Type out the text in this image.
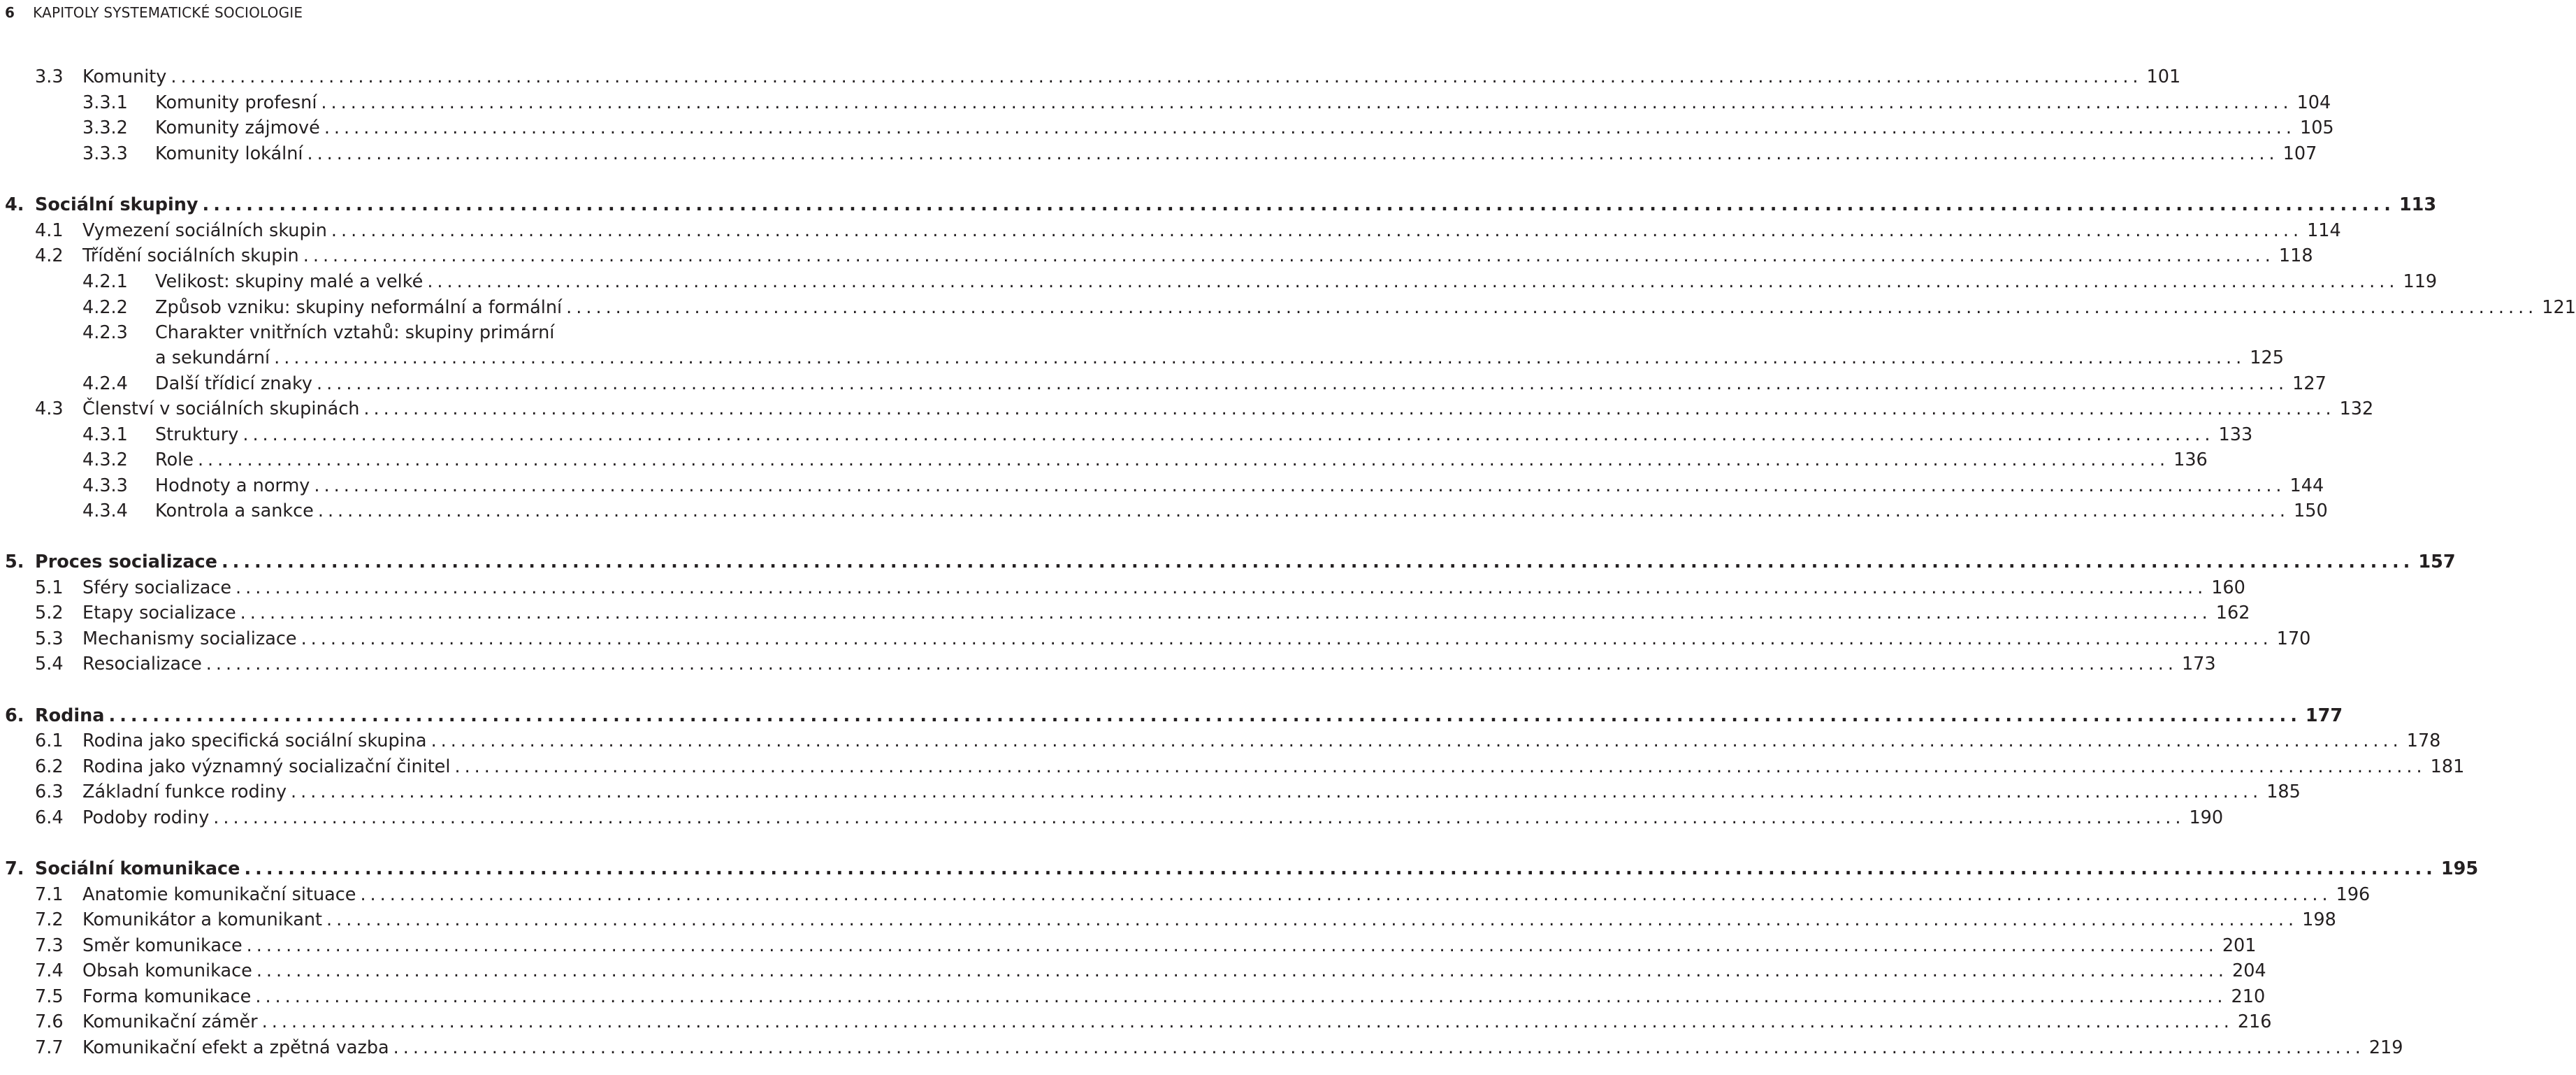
6 KAPITOLY SYSTEMATICKÉ SOCIOLOGIE
3.3 Komunity ........................................................................................................................................................................................................ 101
3.3.1 Komunity profesní ........................................................................................................................................................................................................ 104
3.3.2 Komunity zájmové ........................................................................................................................................................................................................ 105
3.3.3 Komunity lokální ........................................................................................................................................................................................................ 107
4. Sociální skupiny ........................................................................................................................................................................................................ 113
4.1 Vymezení sociálních skupin ........................................................................................................................................................................................................ 114
4.2 Třídění sociálních skupin ........................................................................................................................................................................................................ 118
4.2.1 Velikost: skupiny malé a velké ........................................................................................................................................................................................................ 119
4.2.2 Způsob vzniku: skupiny neformální a formální ........................................................................................................................................................................................................ 121
4.2.3 Charakter vnitřních vztahů: skupiny primární
a sekundární ........................................................................................................................................................................................................ 125
4.2.4 Další třídicí znaky ........................................................................................................................................................................................................ 127
4.3 Členství v sociálních skupinách ........................................................................................................................................................................................................ 132
4.3.1 Struktury ........................................................................................................................................................................................................ 133
4.3.2 Role ........................................................................................................................................................................................................ 136
4.3.3 Hodnoty a normy ........................................................................................................................................................................................................ 144
4.3.4 Kontrola a sankce ........................................................................................................................................................................................................ 150
5. Proces socializace ........................................................................................................................................................................................................ 157
5.1 Sféry socializace ........................................................................................................................................................................................................ 160
5.2 Etapy socializace ........................................................................................................................................................................................................ 162
5.3 Mechanismy socializace ........................................................................................................................................................................................................ 170
5.4 Resocializace ........................................................................................................................................................................................................ 173
6. Rodina ........................................................................................................................................................................................................ 177
6.1 Rodina jako specifická sociální skupina ........................................................................................................................................................................................................ 178
6.2 Rodina jako významný socializační činitel ........................................................................................................................................................................................................ 181
6.3 Základní funkce rodiny ........................................................................................................................................................................................................ 185
6.4 Podoby rodiny ........................................................................................................................................................................................................ 190
7. Sociální komunikace ........................................................................................................................................................................................................ 195
7.1 Anatomie komunikační situace ........................................................................................................................................................................................................ 196
7.2 Komunikátor a komunikant ........................................................................................................................................................................................................ 198
7.3 Směr komunikace ........................................................................................................................................................................................................ 201
7.4 Obsah komunikace ........................................................................................................................................................................................................ 204
7.5 Forma komunikace ........................................................................................................................................................................................................ 210
7.6 Komunikační záměr ........................................................................................................................................................................................................ 216
7.7 Komunikační efekt a zpětná vazba ........................................................................................................................................................................................................ 219
